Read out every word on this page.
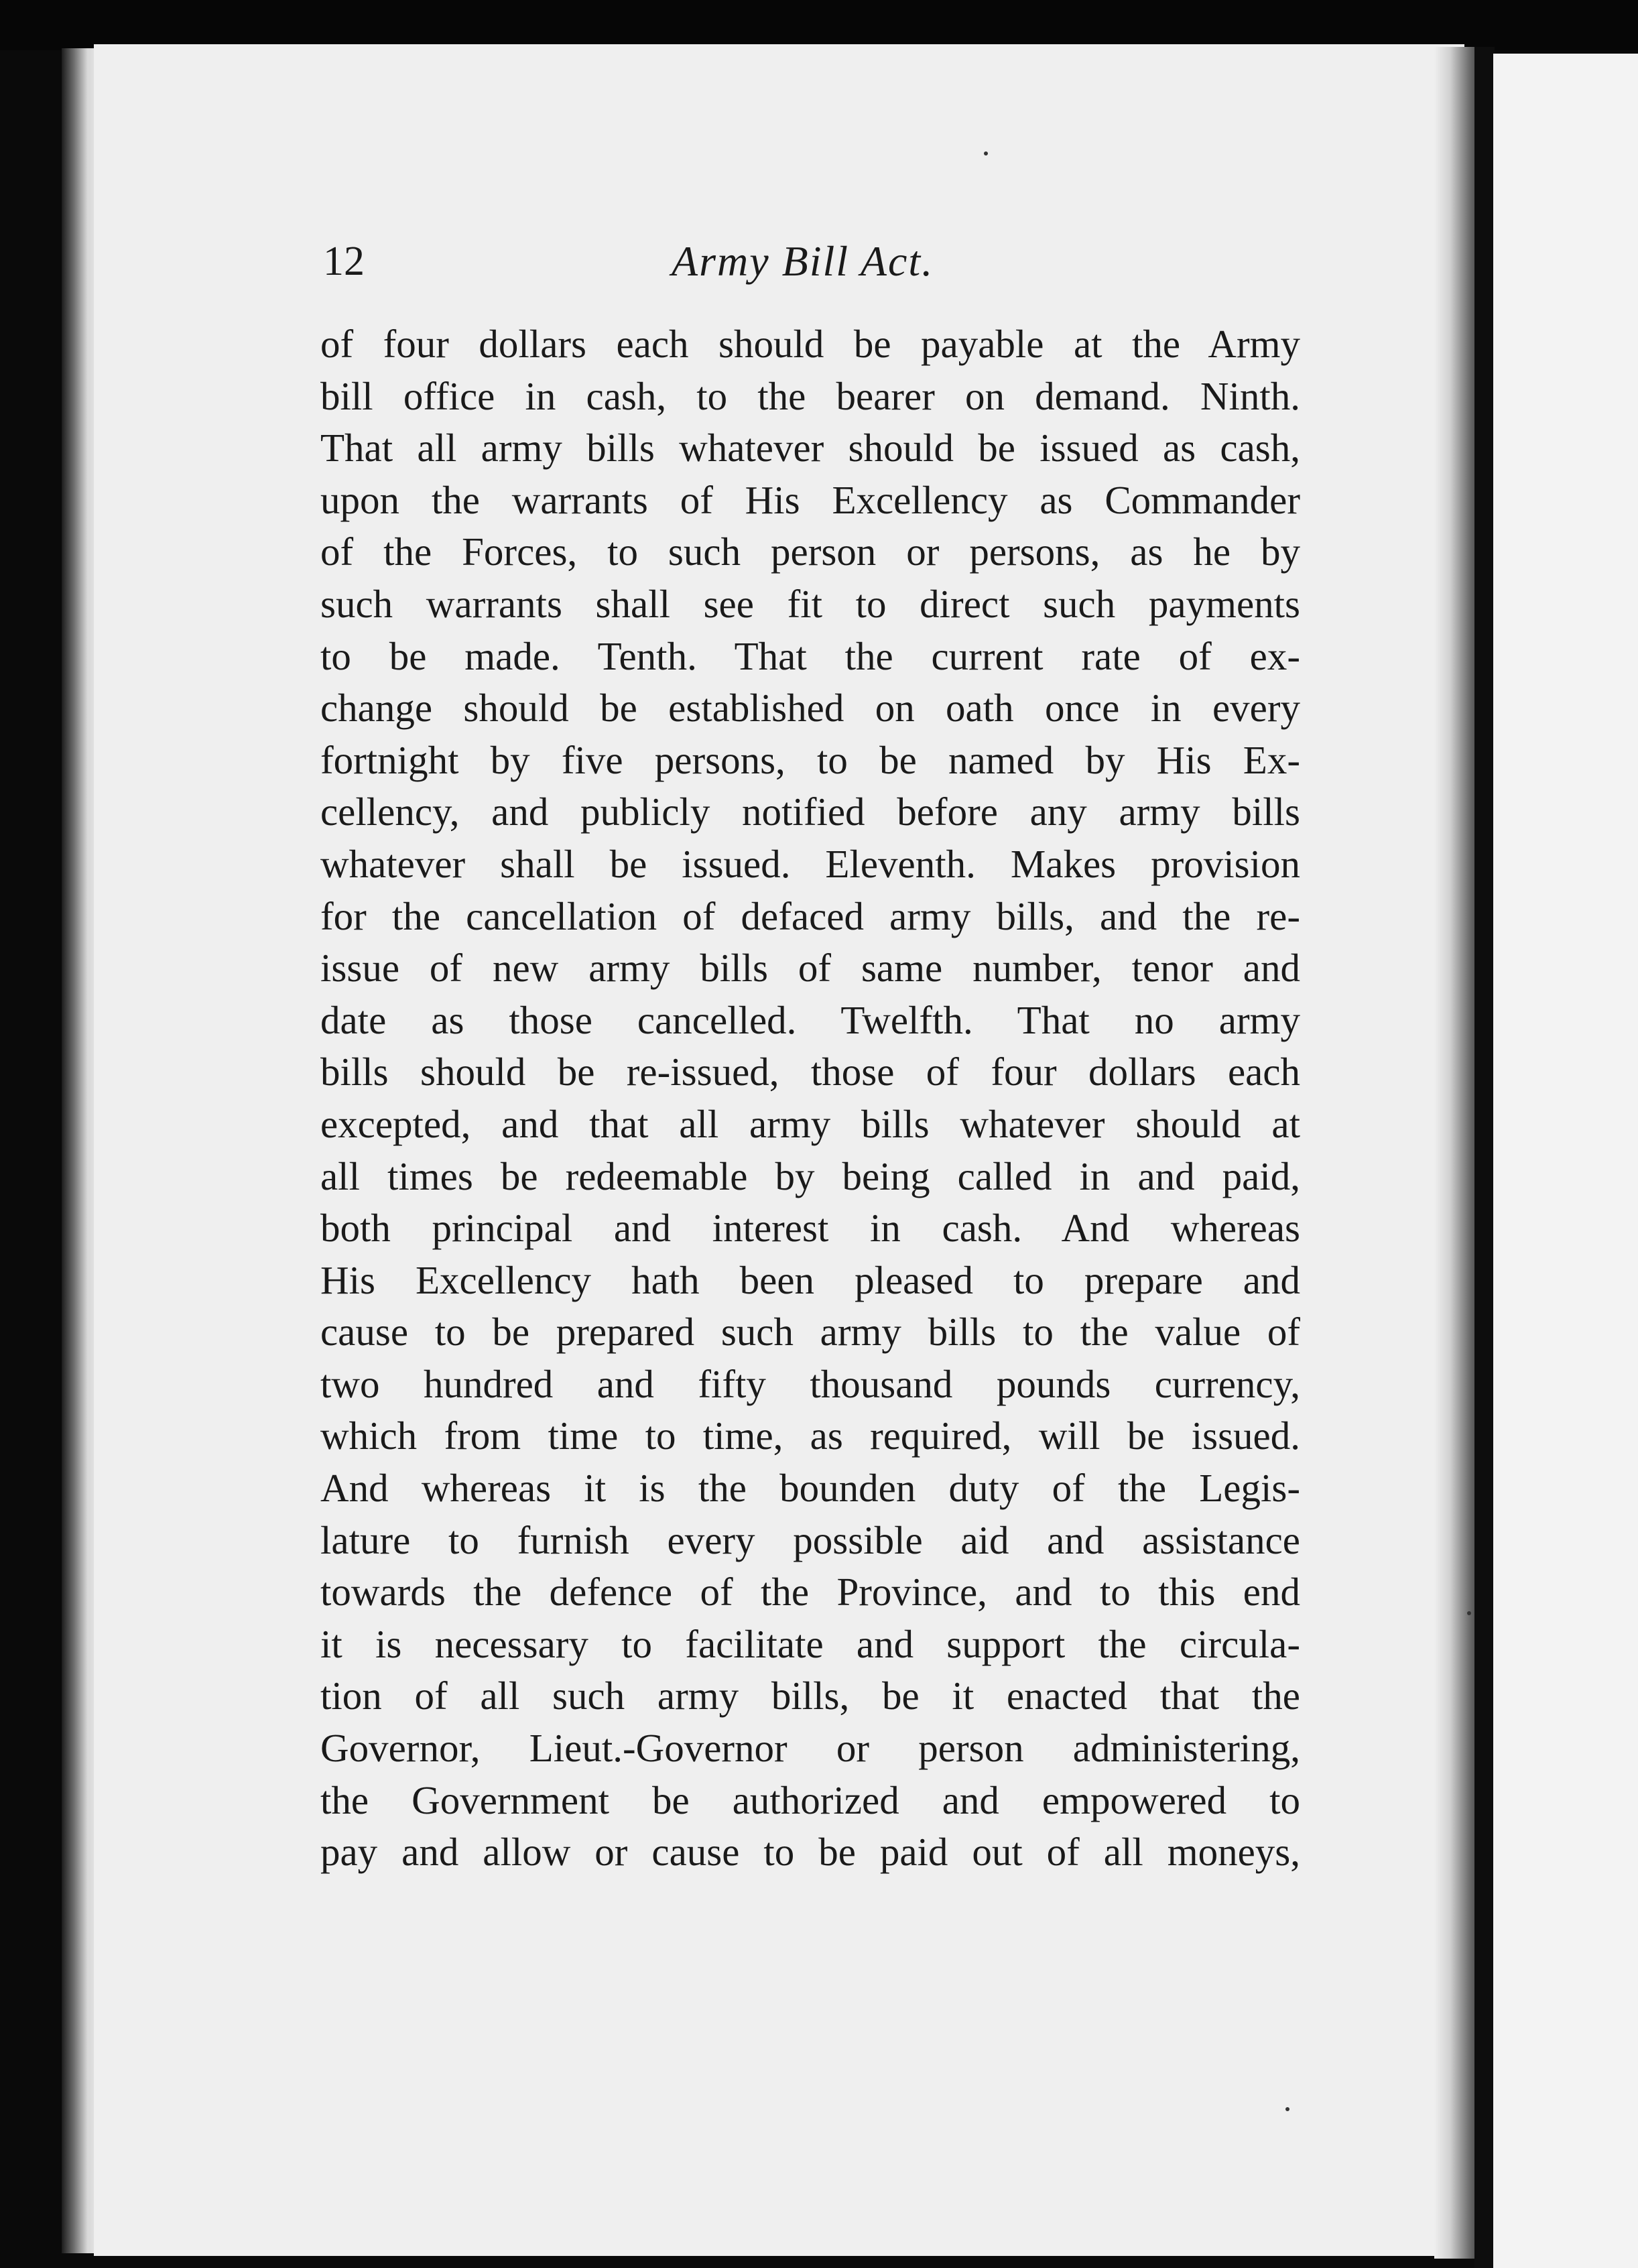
12	Army Bill Act.
of four dollars each should be payable at the Army
bill office in cash, to the bearer on demand. Ninth.
That all army bills whatever should be issued as cash,
upon the warrants of His Excellency as Commander
of the Forces, to such person or persons, as he by
such warrants shall see fit to direct such payments
to be made. Tenth. That the current rate of ex-
change should be established on oath once in every
fortnight by five persons, to be named by His Ex-
cellency, and publicly notified before any army bills
whatever shall be issued. Eleventh. Makes provision
for the cancellation of defaced army bills, and the re-
issue of new army bills of same number, tenor and
date as those cancelled. Twelfth. That no army
bills should be re-issued, those of four dollars each
excepted, and that all army bills whatever should at
all times be redeemable by being called in and paid,
both principal and interest in cash. And whereas
His Excellency hath been pleased to prepare and
cause to be prepared such army bills to the value of
two hundred and fifty thousand pounds currency,
which from time to time, as required, will be issued.
And whereas it is the bounden duty of the Legis-
lature to furnish every possible aid and assistance
towards the defence of the Province, and to this end
it is necessary to facilitate and support the circula-
tion of all such army bills, be it enacted that the
Governor, Lieut.-Governor or person administering,
the Government be authorized and empowered to
pay and allow or cause to be paid out of all moneys,
